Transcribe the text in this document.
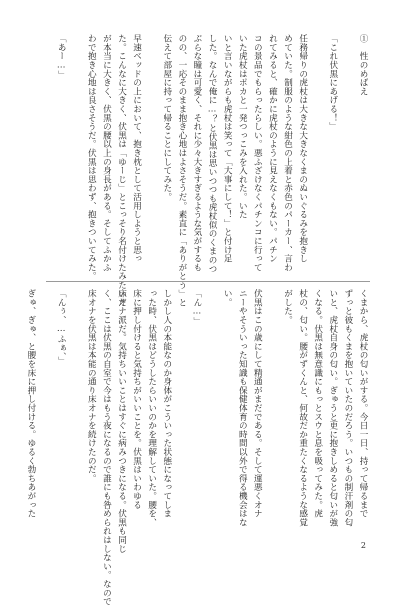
①　性のめばえ

「これ伏黒にあげる！」

任務帰りの虎杖は大きな大きなくまのぬいぐるみを抱きし
めていた。制服のような紺色の上着と赤色のパーカー、言わ
れてみると、確かに虎杖のように見えなくもない。パチン
コの景品でもらったらしい。悪ふざけなくパチンコに行って
いた虎杖はポカと一発つっこみを入れた。いた
いと言いながらも虎杖は笑って「大事にして！」と付け足
した。なんで俺に…？と伏黒は思いつつも虎杖似のくまのつ
ぶらな瞳は可愛く、それに少々大きすぎるような気がするも
のの、一応そのまま抱き心地はよさそうだ。素直に「ありがとう」と
伝えて部屋に持って帰ることにしてみた。

早速ベッドの上において、抱き枕として活用しようと思っ
た。こんなに大きく、伏黒は「ゆーじ」とこっそり名付けたみたいだ
が本当に大きく、伏黒の腰以上の身長がある。そしてふかふ
わで抱き心地は良さそうだ。伏黒は思わず、抱きついてみた。

「あー…」
くまから、虎杖の匂いがする。今日一日、持って帰るまで
ずっと彼もくまを抱いていたのだろう。いつもの制汗剤の匂
いと、虎杖自身の匂い。ぎゅうと更に抱きしめると匂いが強
くなる。伏黒は無意識にもっとスウと息を吸ってみた。虎
杖の、匂い。腰がずくんと、何故だか重たくなるような感覚
がした。

伏黒はこの歳にして精通がまだである。そして運悪くオナ
ニーやそういった知識も保健体育の時間以外で得る機会はな
い。

「ん…」

しかし人の本能なのか身体がこういった状態になってしま
った時、伏黒はどうしたらいいのかを理解していた。腰を、
床に押し付けると気持ちがいいことを。伏黒はいわゆる
床オナ派だ。気持ちいいことはすぐに病みつきになる。伏黒も同じ
く、ここは伏黒の自室で今はもう夜になるので誰にも咎められはしない。なので
床オナを伏黒は本能の通り床オナを続けたのだ。

「んぅ、…ふぁ、」

ぎゅ、ぎゅ、と腰を床に押し付ける。ゆるく勃ちあがった
2
